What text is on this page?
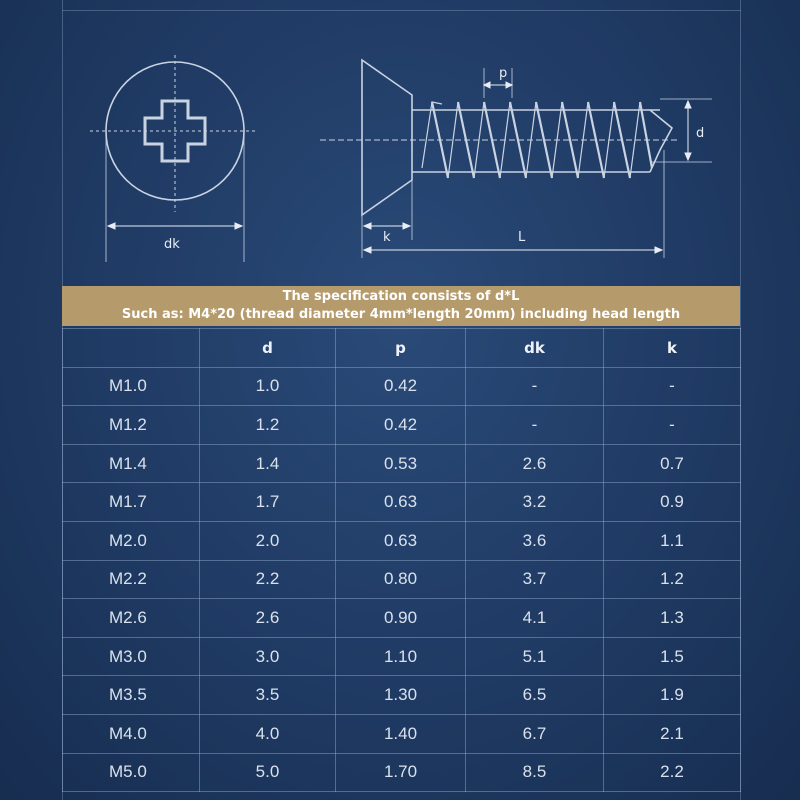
dk
p
d
k	L
The specification consists of d*L
Such as: M4*20 (thread diameter 4mm*length 20mm) including head length
	d	p	dk	k
M1.0	1.0	0.42	-	-
M1.2	1.2	0.42	-	-
M1.4	1.4	0.53	2.6	0.7
M1.7	1.7	0.63	3.2	0.9
M2.0	2.0	0.63	3.6	1.1
M2.2	2.2	0.80	3.7	1.2
M2.6	2.6	0.90	4.1	1.3
M3.0	3.0	1.10	5.1	1.5
M3.5	3.5	1.30	6.5	1.9
M4.0	4.0	1.40	6.7	2.1
M5.0	5.0	1.70	8.5	2.2
